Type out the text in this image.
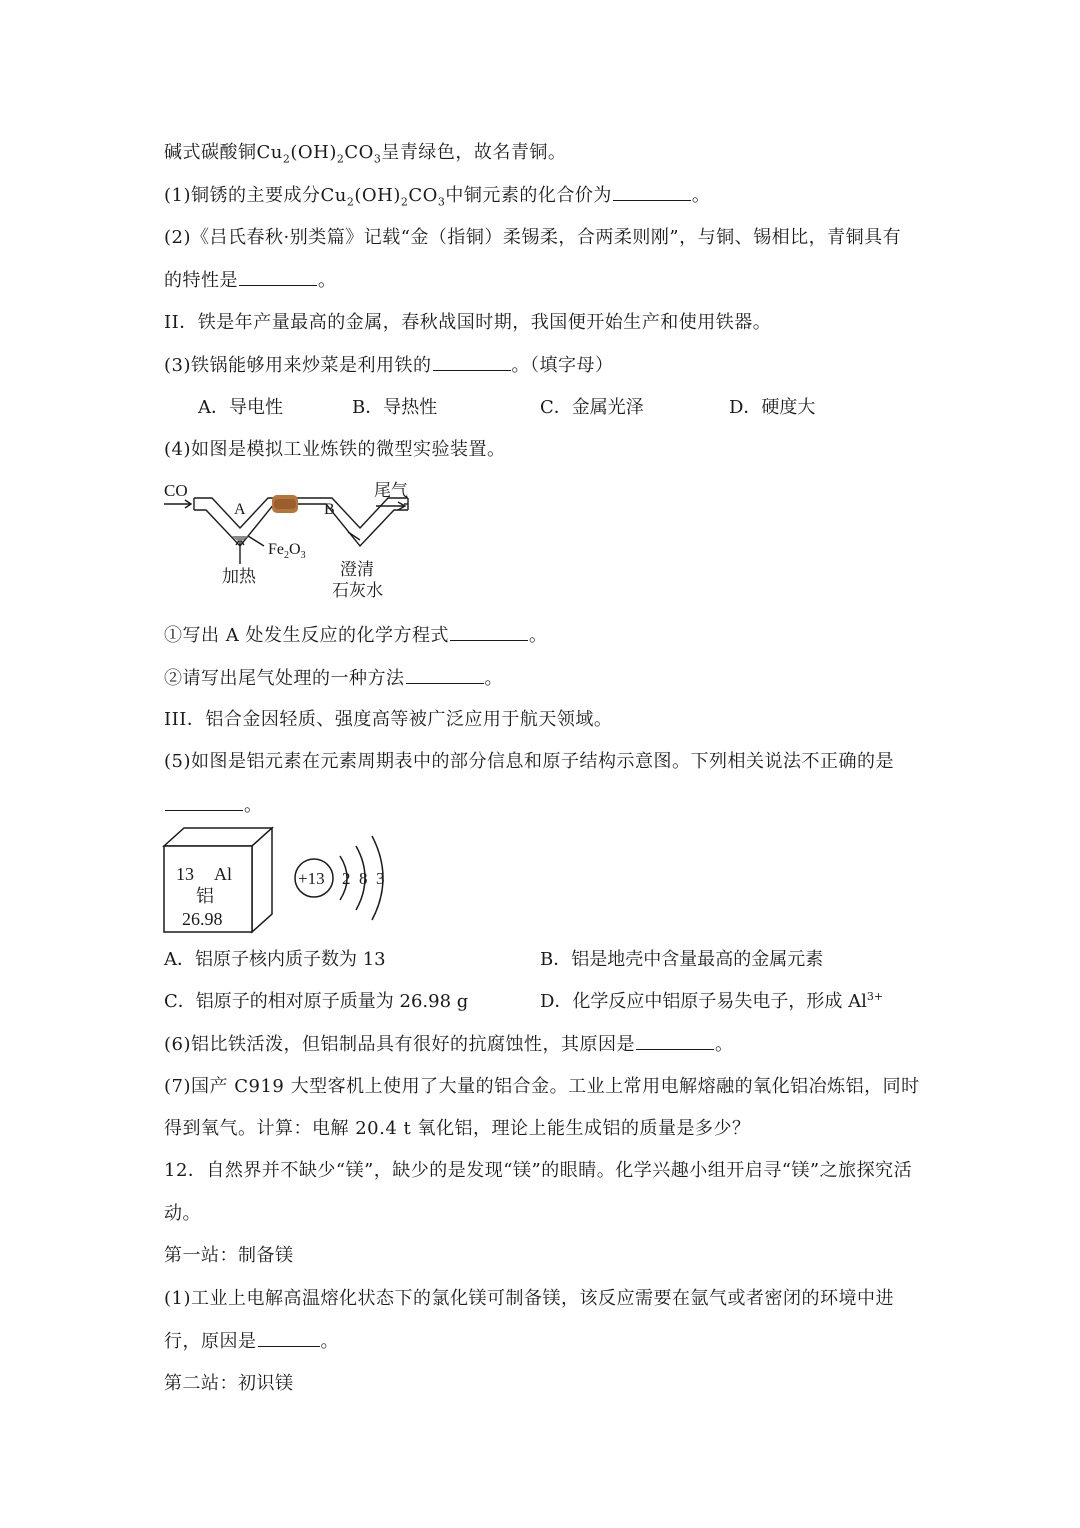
碱式碳酸铜$Cu_2(OH)_2CO_3$呈青绿色，故名青铜。
(1)铜锈的主要成分$Cu_2(OH)_2CO_3$中铜元素的化合价为	。
(2)《吕氏春秋·别类篇》记载“金（指铜）柔锡柔，合两柔则刚”，与铜、锡相比，青铜具有
的特性是	。
II．铁是年产量最高的金属，春秋战国时期，我国便开始生产和使用铁器。
(3)铁锅能够用来炒菜是利用铁的	。（填字母）
A．导电性	B．导热性	C．金属光泽	D．硬度大
(4)如图是模拟工业炼铁的微型实验装置。
CO
A	B
尾气
$Fe_2O_3$
加热	澄清
石灰水
①写出 A 处发生反应的化学方程式	。
②请写出尾气处理的一种方法	。
III．铝合金因轻质、强度高等被广泛应用于航天领域。
(5)如图是铝元素在元素周期表中的部分信息和原子结构示意图。下列相关说法不正确的是
。
13 Al
铝
26.98
+13 2 8 3
A．铝原子核内质子数为 13	B．铝是地壳中含量最高的金属元素
C．铝原子的相对原子质量为 26.98 g	D．化学反应中铝原子易失电子，形成 $Al^{3+}$
(6)铝比铁活泼，但铝制品具有很好的抗腐蚀性，其原因是	。
(7)国产 C919 大型客机上使用了大量的铝合金。工业上常用电解熔融的氧化铝冶炼铝，同时
得到氧气。计算：电解 20.4 t 氧化铝，理论上能生成铝的质量是多少？
12．自然界并不缺少“镁”，缺少的是发现“镁”的眼睛。化学兴趣小组开启寻“镁”之旅探究活
动。
第一站：制备镁
(1)工业上电解高温熔化状态下的氯化镁可制备镁，该反应需要在氩气或者密闭的环境中进
行，原因是	。
第二站：初识镁
